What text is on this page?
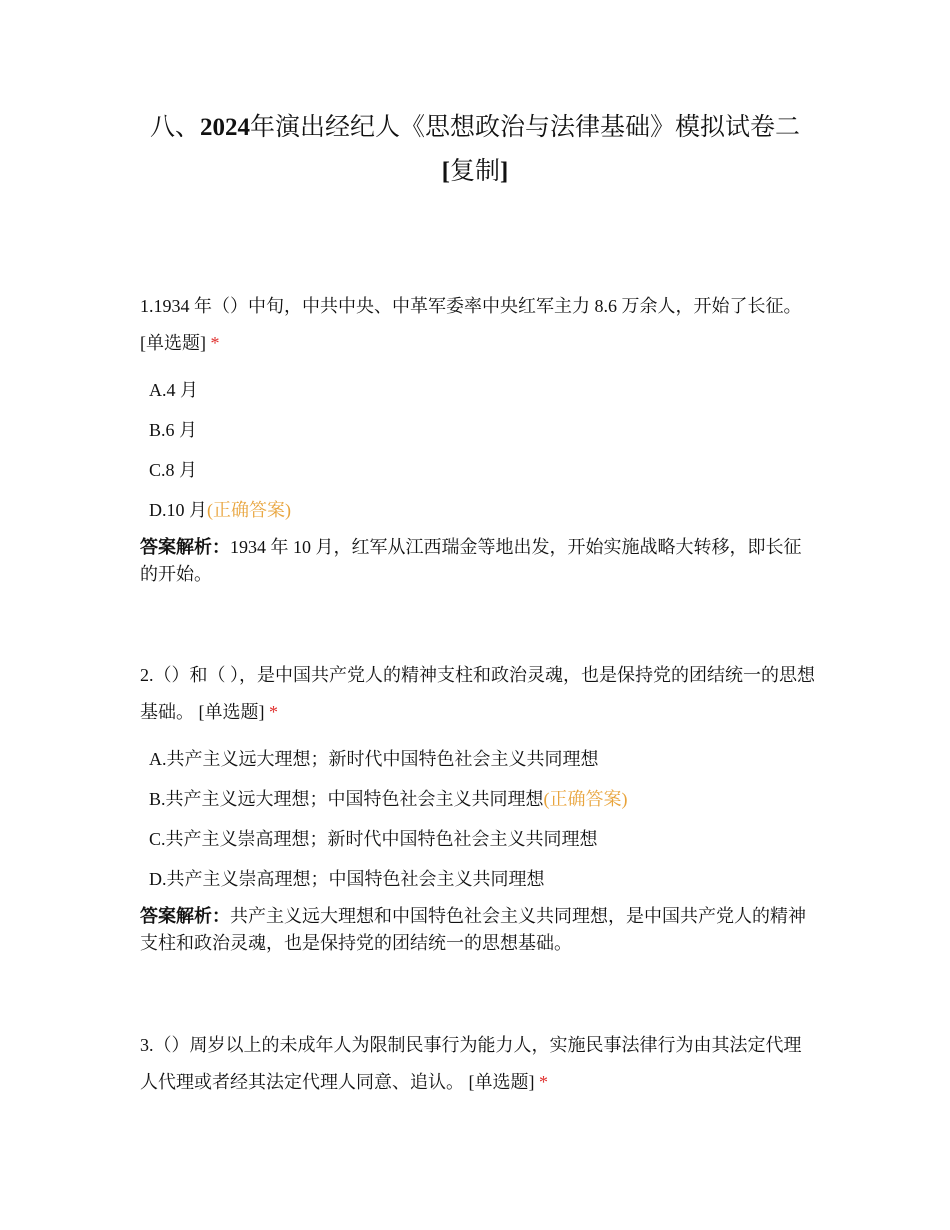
八、2024年演出经纪人《思想政治与法律基础》模拟试卷二
[复制]

1.1934 年（）中旬，中共中央、中革军委率中央红军主力 8.6 万余人，开始了长征。 [单选题] *

A.4 月
B.6 月
C.8 月
D.10 月(正确答案)

答案解析：1934 年 10 月，红军从江西瑞金等地出发，开始实施战略大转移，即长征的开始。

2.（）和（ ），是中国共产党人的精神支柱和政治灵魂，也是保持党的团结统一的思想基础。 [单选题] *

A.共产主义远大理想；新时代中国特色社会主义共同理想
B.共产主义远大理想；中国特色社会主义共同理想(正确答案)
C.共产主义崇高理想；新时代中国特色社会主义共同理想
D.共产主义崇高理想；中国特色社会主义共同理想

答案解析：共产主义远大理想和中国特色社会主义共同理想，是中国共产党人的精神支柱和政治灵魂，也是保持党的团结统一的思想基础。

3.（）周岁以上的未成年人为限制民事行为能力人，实施民事法律行为由其法定代理人代理或者经其法定代理人同意、追认。 [单选题] *
